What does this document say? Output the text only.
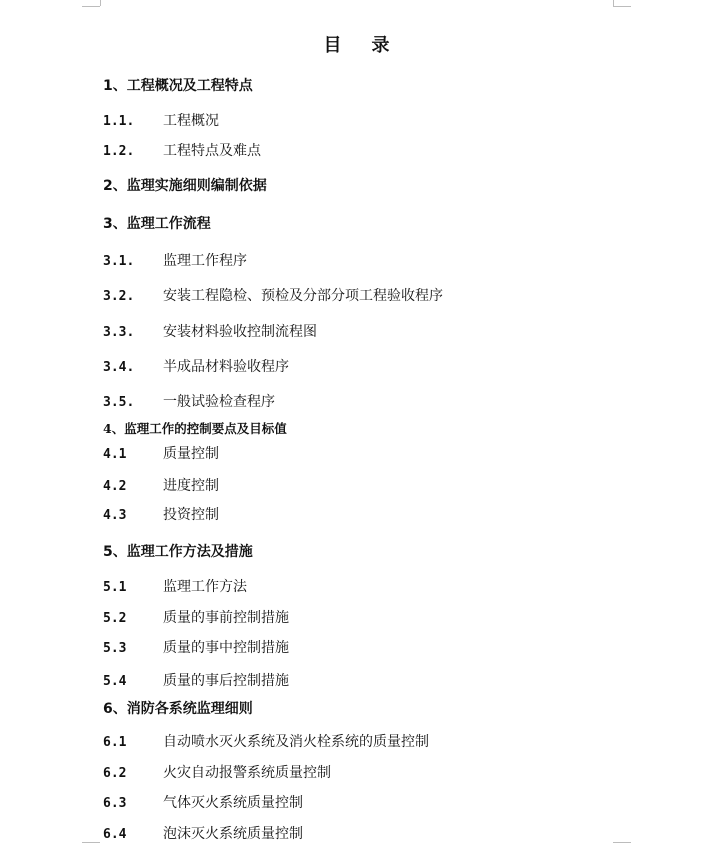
目 录
1、工程概况及工程特点
1.1. 工程概况
1.2. 工程特点及难点
2、监理实施细则编制依据
3、监理工作流程
3.1. 监理工作程序
3.2. 安装工程隐检、预检及分部分项工程验收程序
3.3. 安装材料验收控制流程图
3.4. 半成品材料验收程序
3.5. 一般试验检查程序
4、监理工作的控制要点及目标值
4.1	质量控制
4.2	进度控制
4.3	投资控制
5、监理工作方法及措施
5.1	监理工作方法
5.2	质量的事前控制措施
5.3	质量的事中控制措施
5.4	质量的事后控制措施
6、消防各系统监理细则
6.1	自动喷水灭火系统及消火栓系统的质量控制
6.2	火灾自动报警系统质量控制
6.3	气体灭火系统质量控制
6.4	泡沫灭火系统质量控制
